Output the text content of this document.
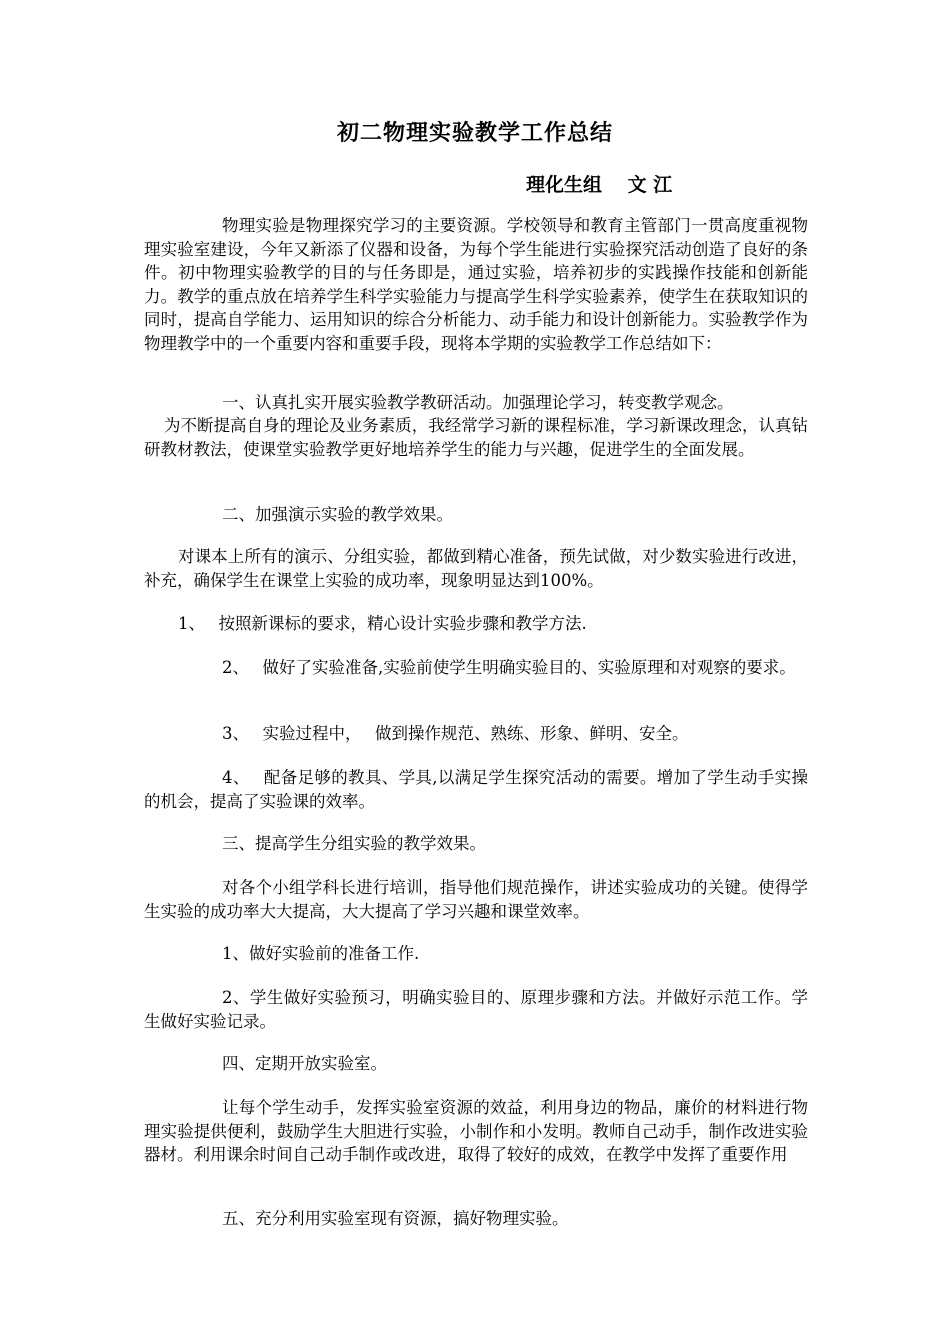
初二物理实验教学工作总结
理化生组　 文 江

物理实验是物理探究学习的主要资源。学校领导和教育主管部门一贯高度重视物理实验室建设，今年又新添了仪器和设备，为每个学生能进行实验探究活动创造了良好的条件。初中物理实验教学的目的与任务即是，通过实验，培养初步的实践操作技能和创新能力。教学的重点放在培养学生科学实验能力与提高学生科学实验素养，使学生在获取知识的同时，提高自学能力、运用知识的综合分析能力、动手能力和设计创新能力。实验教学作为物理教学中的一个重要内容和重要手段，现将本学期的实验教学工作总结如下：

一、认真扎实开展实验教学教研活动。加强理论学习，转变教学观念。

为不断提高自身的理论及业务素质，我经常学习新的课程标准，学习新课改理念，认真钻研教材教法，使课堂实验教学更好地培养学生的能力与兴趣，促进学生的全面发展。

二、加强演示实验的教学效果。

对课本上所有的演示、分组实验，都做到精心准备，预先试做，对少数实验进行改进，补充，确保学生在课堂上实验的成功率，现象明显达到100%。

1、　 按照新课标的要求，精心设计实验步骤和教学方法.

2、　 做好了实验准备,实验前使学生明确实验目的、实验原理和对观察的要求。

3、　 实验过程中，　 做到操作规范、熟练、形象、鲜明、安全。

4、　 配备足够的教具、学具,以满足学生探究活动的需要。增加了学生动手实操的机会，提高了实验课的效率。

三、提高学生分组实验的教学效果。

对各个小组学科长进行培训，指导他们规范操作，讲述实验成功的关键。使得学生实验的成功率大大提高，大大提高了学习兴趣和课堂效率。

1、做好实验前的准备工作.

2、学生做好实验预习，明确实验目的、原理步骤和方法。并做好示范工作。学生做好实验记录。

四、定期开放实验室。

让每个学生动手，发挥实验室资源的效益，利用身边的物品，廉价的材料进行物理实验提供便利，鼓励学生大胆进行实验，小制作和小发明。教师自己动手，制作改进实验器材。利用课余时间自己动手制作或改进，取得了较好的成效，在教学中发挥了重要作用

五、充分利用实验室现有资源，搞好物理实验。
